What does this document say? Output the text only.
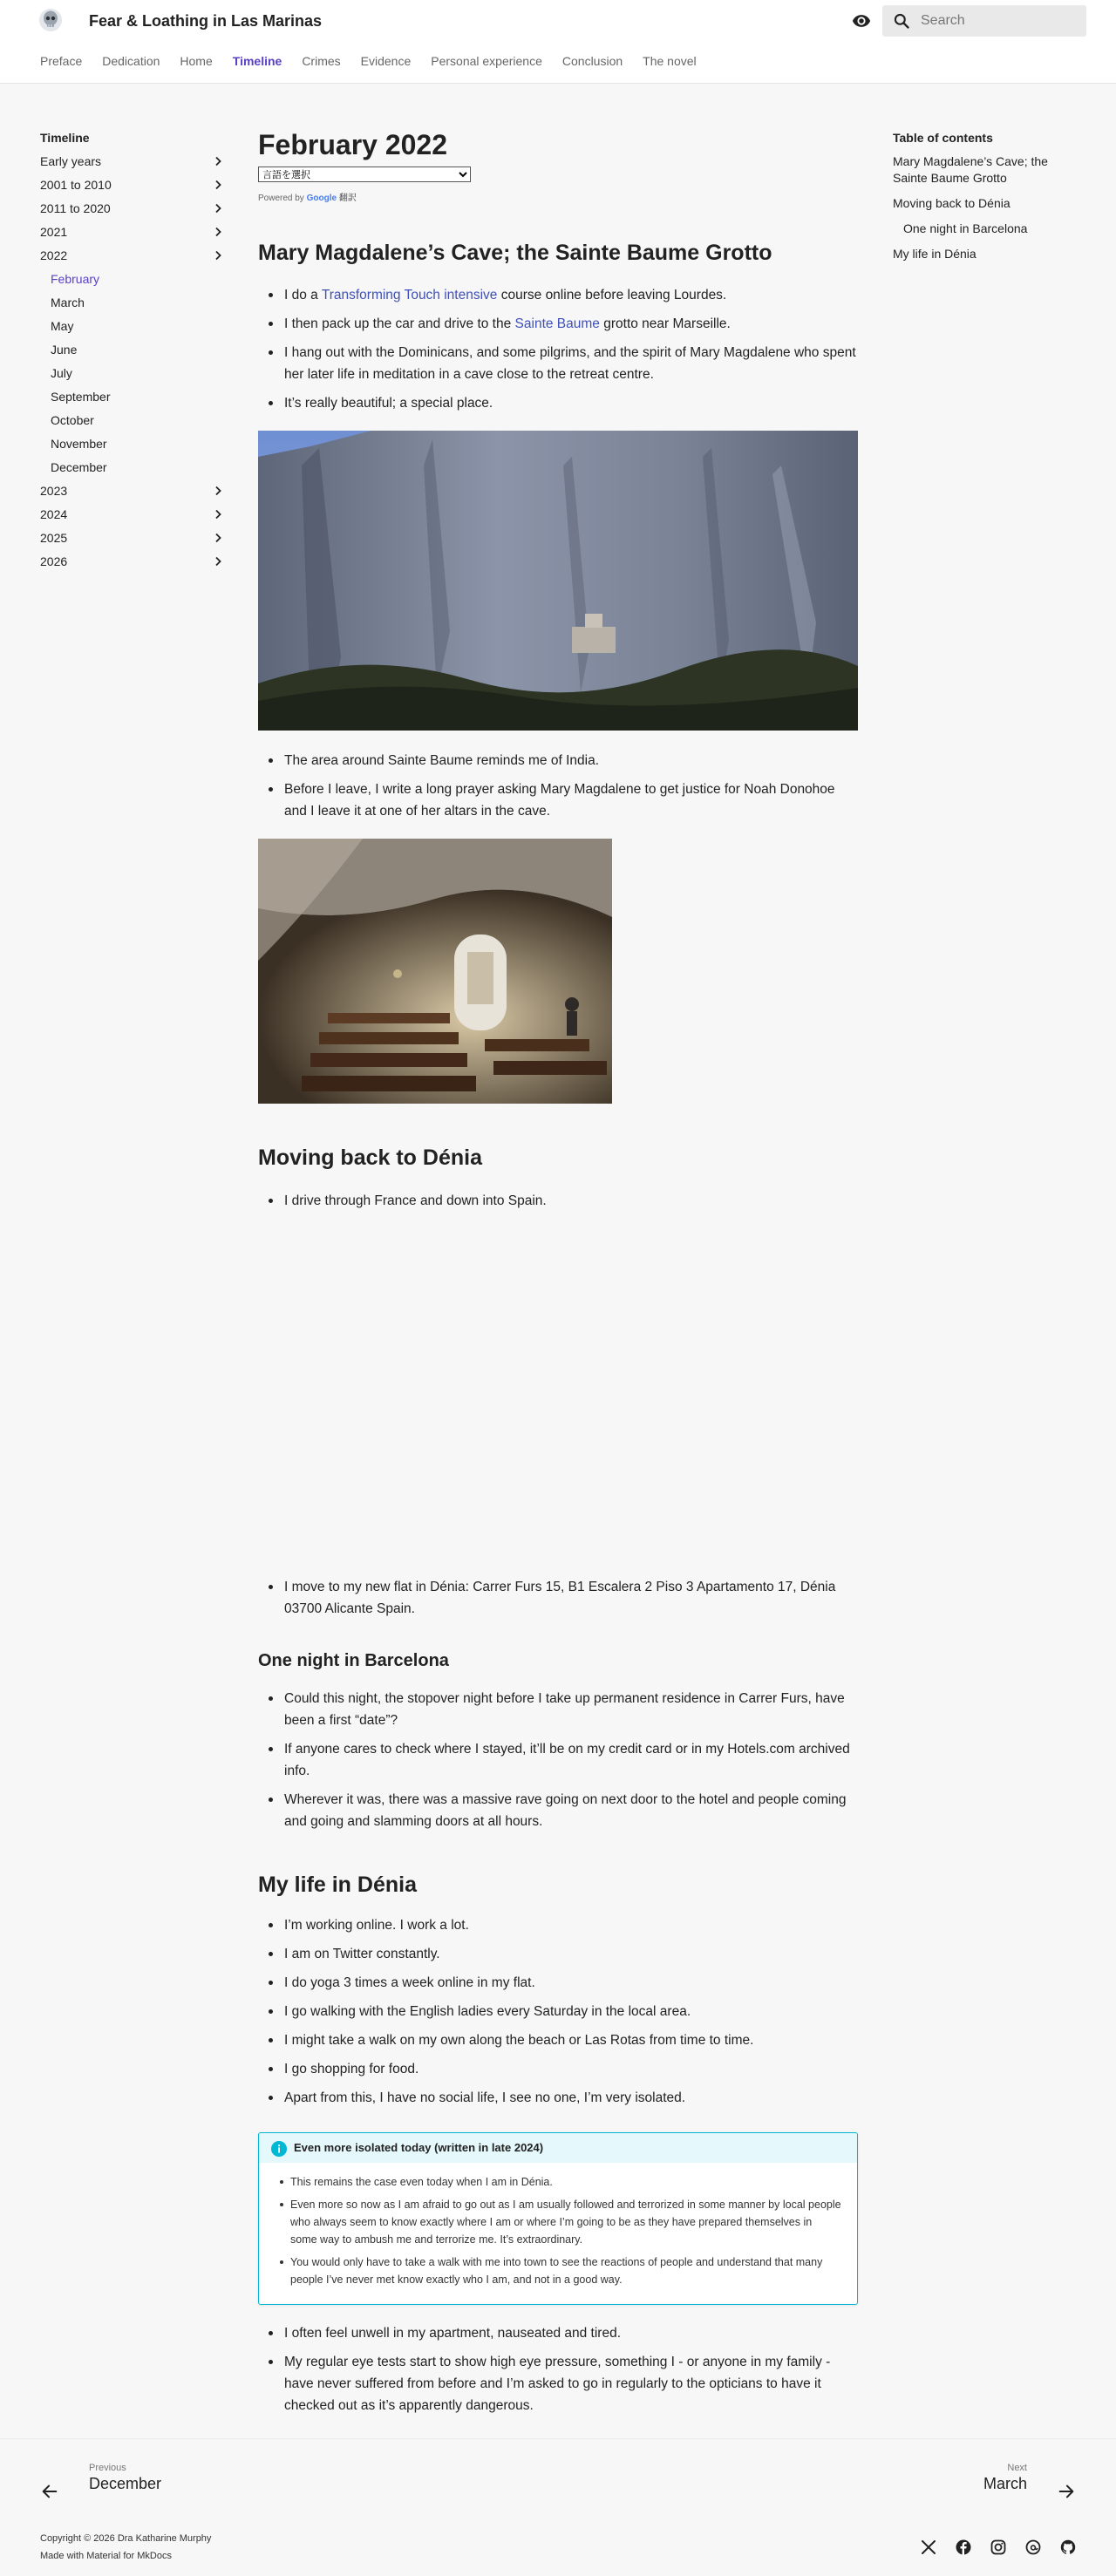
Fear & Loathing in Las Marinas
Search
Preface Dedication Home Timeline Crimes Evidence Personal experience Conclusion The novel
Timeline
Early years
2001 to 2010
2011 to 2020
2021
2022
February
March
May
June
July
September
October
November
December
2023
2024
2025
2026
Table of contents
Mary Magdalene’s Cave; the Sainte Baume Grotto
Moving back to Dénia
One night in Barcelona
My life in Dénia
February 2022
言語を選択
Powered by Google 翻訳
Mary Magdalene’s Cave; the Sainte Baume Grotto
I do a Transforming Touch intensive course online before leaving Lourdes.
I then pack up the car and drive to the Sainte Baume grotto near Marseille.
I hang out with the Dominicans, and some pilgrims, and the spirit of Mary Magdalene who spent her later life in meditation in a cave close to the retreat centre.
It’s really beautiful; a special place.
The area around Sainte Baume reminds me of India.
Before I leave, I write a long prayer asking Mary Magdalene to get justice for Noah Donohoe and I leave it at one of her altars in the cave.
Moving back to Dénia
I drive through France and down into Spain.
I move to my new flat in Dénia: Carrer Furs 15, B1 Escalera 2 Piso 3 Apartamento 17, Dénia 03700 Alicante Spain.
One night in Barcelona
Could this night, the stopover night before I take up permanent residence in Carrer Furs, have been a first “date”?
If anyone cares to check where I stayed, it’ll be on my credit card or in my Hotels.com archived info.
Wherever it was, there was a massive rave going on next door to the hotel and people coming and going and slamming doors at all hours.
My life in Dénia
I’m working online. I work a lot.
I am on Twitter constantly.
I do yoga 3 times a week online in my flat.
I go walking with the English ladies every Saturday in the local area.
I might take a walk on my own along the beach or Las Rotas from time to time.
I go shopping for food.
Apart from this, I have no social life, I see no one, I’m very isolated.
Even more isolated today (written in late 2024)
This remains the case even today when I am in Dénia.
Even more so now as I am afraid to go out as I am usually followed and terrorized in some manner by local people who always seem to know exactly where I am or where I’m going to be as they have prepared themselves in some way to ambush me and terrorize me. It’s extraordinary.
You would only have to take a walk with me into town to see the reactions of people and understand that many people I’ve never met know exactly who I am, and not in a good way.
I often feel unwell in my apartment, nauseated and tired.
My regular eye tests start to show high eye pressure, something I - or anyone in my family - have never suffered from before and I’m asked to go in regularly to the opticians to have it checked out as it’s apparently dangerous.
Previous
December
Next
March
Copyright © 2026 Dra Katharine Murphy
Made with Material for MkDocs
